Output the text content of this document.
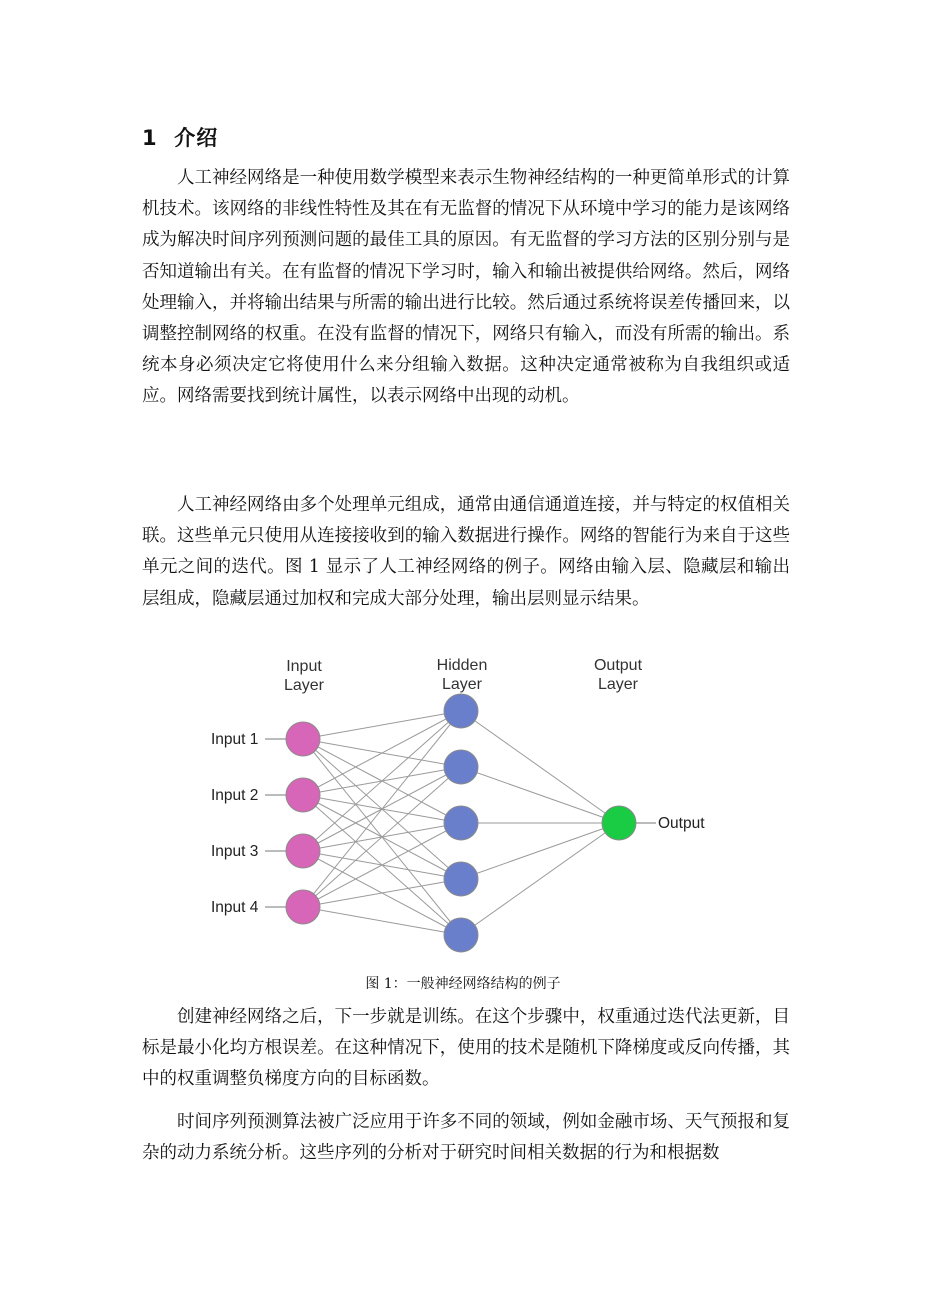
1 介绍

人工神经网络是一种使用数学模型来表示生物神经结构的一种更简单形式的计算机技术。该网络的非线性特性及其在有无监督的情况下从环境中学习的能力是该网络成为解决时间序列预测问题的最佳工具的原因。有无监督的学习方法的区别分别与是否知道输出有关。在有监督的情况下学习时，输入和输出被提供给网络。然后，网络处理输入，并将输出结果与所需的输出进行比较。然后通过系统将误差传播回来，以调整控制网络的权重。在没有监督的情况下，网络只有输入，而没有所需的输出。系统本身必须决定它将使用什么来分组输入数据。这种决定通常被称为自我组织或适应。网络需要找到统计属性，以表示网络中出现的动机。

人工神经网络由多个处理单元组成，通常由通信通道连接，并与特定的权值相关联。这些单元只使用从连接接收到的输入数据进行操作。网络的智能行为来自于这些单元之间的迭代。图 1 显示了人工神经网络的例子。网络由输入层、隐藏层和输出层组成，隐藏层通过加权和完成大部分处理，输出层则显示结果。

Input
Layer
Hidden
Layer
Output
Layer
Input 1
Input 2
Input 3
Input 4
Output
图 1：一般神经网络结构的例子

创建神经网络之后，下一步就是训练。在这个步骤中，权重通过迭代法更新，目标是最小化均方根误差。在这种情况下，使用的技术是随机下降梯度或反向传播，其中的权重调整负梯度方向的目标函数。

时间序列预测算法被广泛应用于许多不同的领域，例如金融市场、天气预报和复杂的动力系统分析。这些序列的分析对于研究时间相关数据的行为和根据数
